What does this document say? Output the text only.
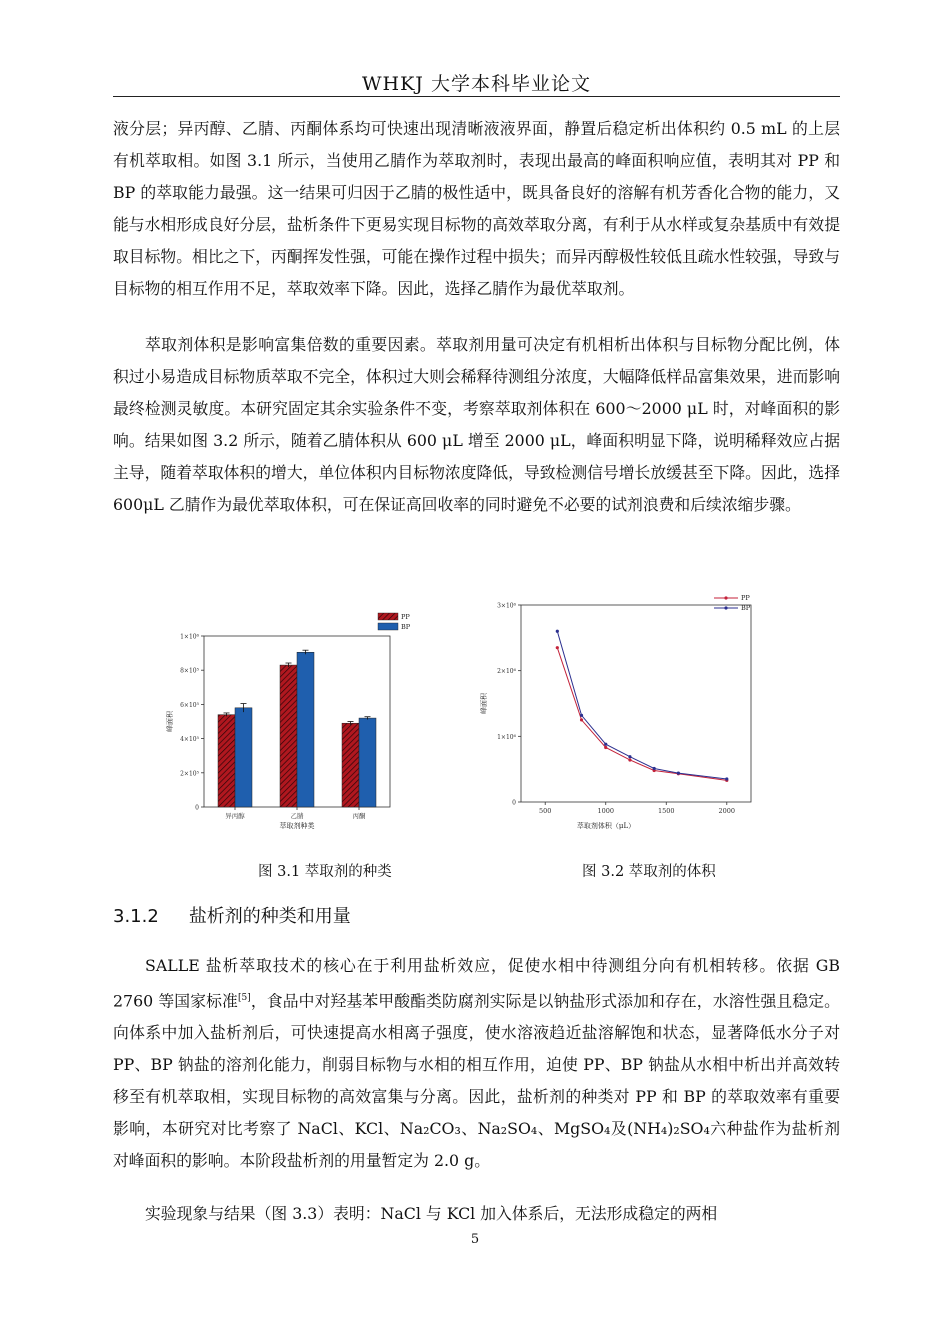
WHKJ 大学本科毕业论文

液分层；异丙醇、乙腈、丙酮体系均可快速出现清晰液液界面，静置后稳定析出体积约 0.5 mL 的上层有机萃取相。如图 3.1 所示，当使用乙腈作为萃取剂时，表现出最高的峰面积响应值，表明其对 PP 和 BP 的萃取能力最强。这一结果可归因于乙腈的极性适中，既具备良好的溶解有机芳香化合物的能力，又能与水相形成良好分层，盐析条件下更易实现目标物的高效萃取分离，有利于从水样或复杂基质中有效提取目标物。相比之下，丙酮挥发性强，可能在操作过程中损失；而异丙醇极性较低且疏水性较强，导致与目标物的相互作用不足，萃取效率下降。因此，选择乙腈作为最优萃取剂。

萃取剂体积是影响富集倍数的重要因素。萃取剂用量可决定有机相析出体积与目标物分配比例，体积过小易造成目标物质萃取不完全，体积过大则会稀释待测组分浓度，大幅降低样品富集效果，进而影响最终检测灵敏度。本研究固定其余实验条件不变，考察萃取剂体积在 600～2000 μL 时，对峰面积的影响。结果如图 3.2 所示，随着乙腈体积从 600 μL 增至 2000 μL，峰面积明显下降，说明稀释效应占据主导，随着萃取体积的增大，单位体积内目标物浓度降低，导致检测信号增长放缓甚至下降。因此，选择 600μL 乙腈作为最优萃取体积，可在保证高回收率的同时避免不必要的试剂浪费和后续浓缩步骤。

0
2×10⁵
4×10⁵
6×10⁵
8×10⁵
1×10⁶
峰面积
异丙醇	乙腈	丙酮
萃取剂种类
PP
BP
0
1×10⁶
2×10⁶
3×10⁶
500	1000	1500	2000
峰面积
萃取剂体积（μL）
PP
BP
图 3.1 萃取剂的种类	图 3.2 萃取剂的体积
3.1.2 盐析剂的种类和用量

SALLE 盐析萃取技术的核心在于利用盐析效应，促使水相中待测组分向有机相转移。依据 GB 2760 等国家标准[5]，食品中对羟基苯甲酸酯类防腐剂实际是以钠盐形式添加和存在，水溶性强且稳定。向体系中加入盐析剂后，可快速提高水相离子强度，使水溶液趋近盐溶解饱和状态，显著降低水分子对 PP、BP 钠盐的溶剂化能力，削弱目标物与水相的相互作用，迫使 PP、BP 钠盐从水相中析出并高效转移至有机萃取相，实现目标物的高效富集与分离。因此，盐析剂的种类对 PP 和 BP 的萃取效率有重要影响，本研究对比考察了 NaCl、KCl、Na₂CO₃、Na₂SO₄、MgSO₄及(NH₄)₂SO₄六种盐作为盐析剂对峰面积的影响。本阶段盐析剂的用量暂定为 2.0 g。

实验现象与结果（图 3.3）表明：NaCl 与 KCl 加入体系后，无法形成稳定的两相

5
